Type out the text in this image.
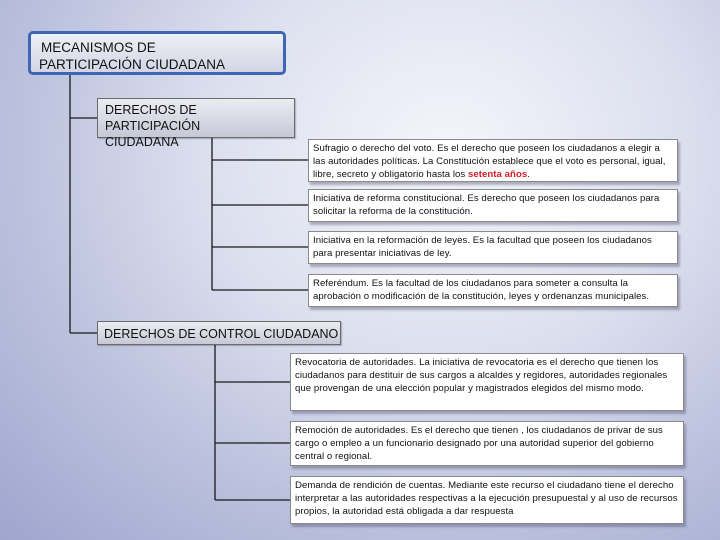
MECANISMOS DE
PARTICIPACIÓN CIUDADANA
DERECHOS DE PARTICIPACIÓN
CIUDADANA	Sufragio o derecho del voto. Es el derecho que poseen los ciudadanos a elegir a las autoridades políticas. La Constitución establece que el voto es personal, igual, libre, secreto y obligatorio hasta los setenta años.
Iniciativa de reforma constitucional. Es derecho que poseen los ciudadanos para solicitar la reforma de la constitución.
Iniciativa en la reformación de leyes. Es la facultad que poseen los ciudadanos para presentar iniciativas de ley.
Referéndum. Es la facultad de los ciudadanos para someter a consulta la aprobación o modificación de la constitución, leyes y ordenanzas municipales.
DERECHOS DE CONTROL CIUDADANO
Revocatoria de autoridades. La iniciativa de revocatoria es el derecho que tienen los ciudadanos para destituir de sus cargos a alcaldes y regidores, autoridades regionales que provengan de una elección popular y magistrados elegidos del mismo modo.
Remoción de autoridades. Es el derecho que tienen , los ciudadanos de privar de sus cargo o empleo a un funcionario designado por una autoridad superior del gobierno central o regional.
Demanda de rendición de cuentas. Mediante este recurso el ciudadano tiene el derecho interpretar a las autoridades respectivas a la ejecución presupuestal y al uso de recursos propios, la autoridad está obligada a dar respuesta
